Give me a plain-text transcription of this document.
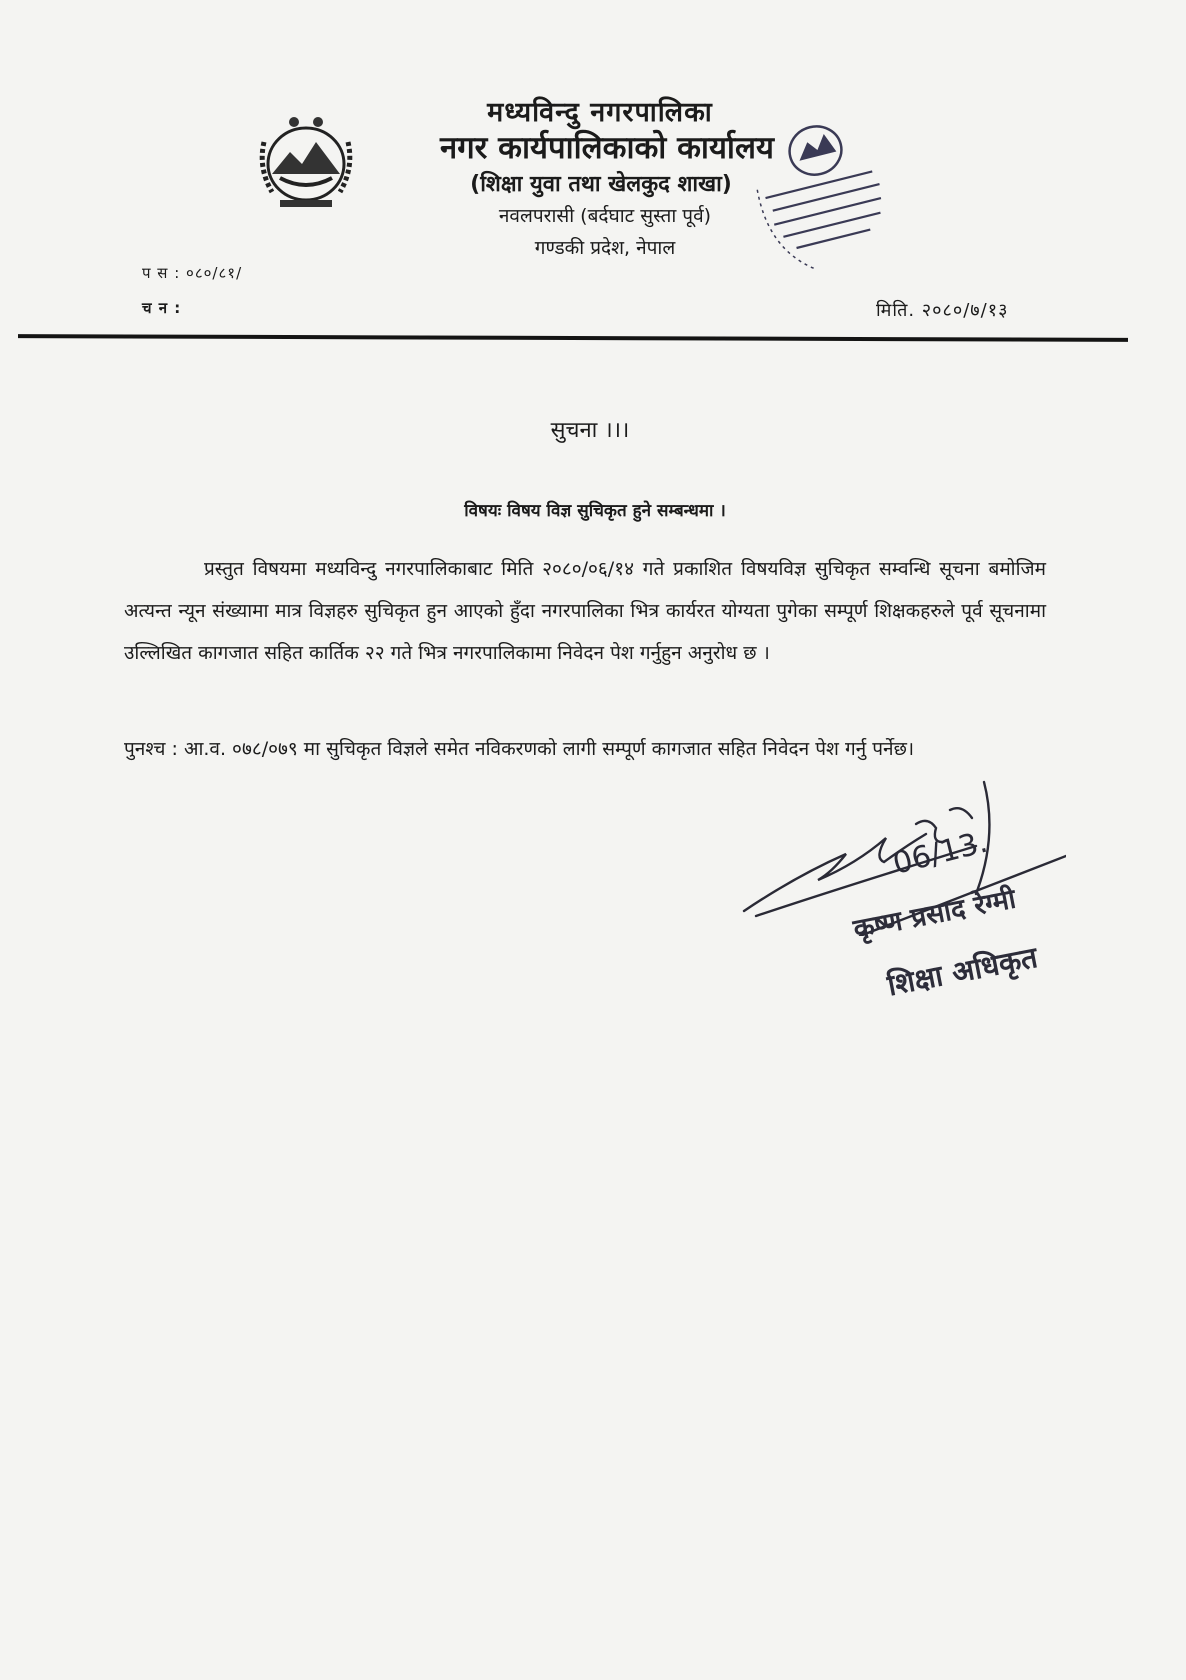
मध्यविन्दु नगरपालिका
नगर कार्यपालिकाको कार्यालय
(शिक्षा युवा तथा खेलकुद शाखा)
नवलपरासी (बर्दघाट सुस्ता पूर्व)
गण्डकी प्रदेश, नेपाल
प स : ०८०/८१/
च न :	मिति. २०८०/७/१३
सुचना ।।।
विषयः विषय विज्ञ सुचिकृत हुने सम्बन्धमा ।
प्रस्तुत विषयमा मध्यविन्दु नगरपालिकाबाट मिति २०८०/०६/१४ गते प्रकाशित विषयविज्ञ सुचिकृत सम्वन्धि सूचना बमोजिम अत्यन्त न्यून संख्यामा मात्र विज्ञहरु सुचिकृत हुन आएको हुँदा नगरपालिका भित्र कार्यरत योग्यता पुगेका सम्पूर्ण शिक्षकहरुले पूर्व सूचनामा उल्लिखित कागजात सहित कार्तिक २२ गते भित्र नगरपालिकामा निवेदन पेश गर्नुहुन अनुरोध छ ।
पुनश्च : आ.व. ०७८/०७९ मा सुचिकृत विज्ञले समेत नविकरणको लागी सम्पूर्ण कागजात सहित निवेदन पेश गर्नु पर्नेछ।
06/13.
कृष्ण प्रसाद रेग्मी
शिक्षा अधिकृत
